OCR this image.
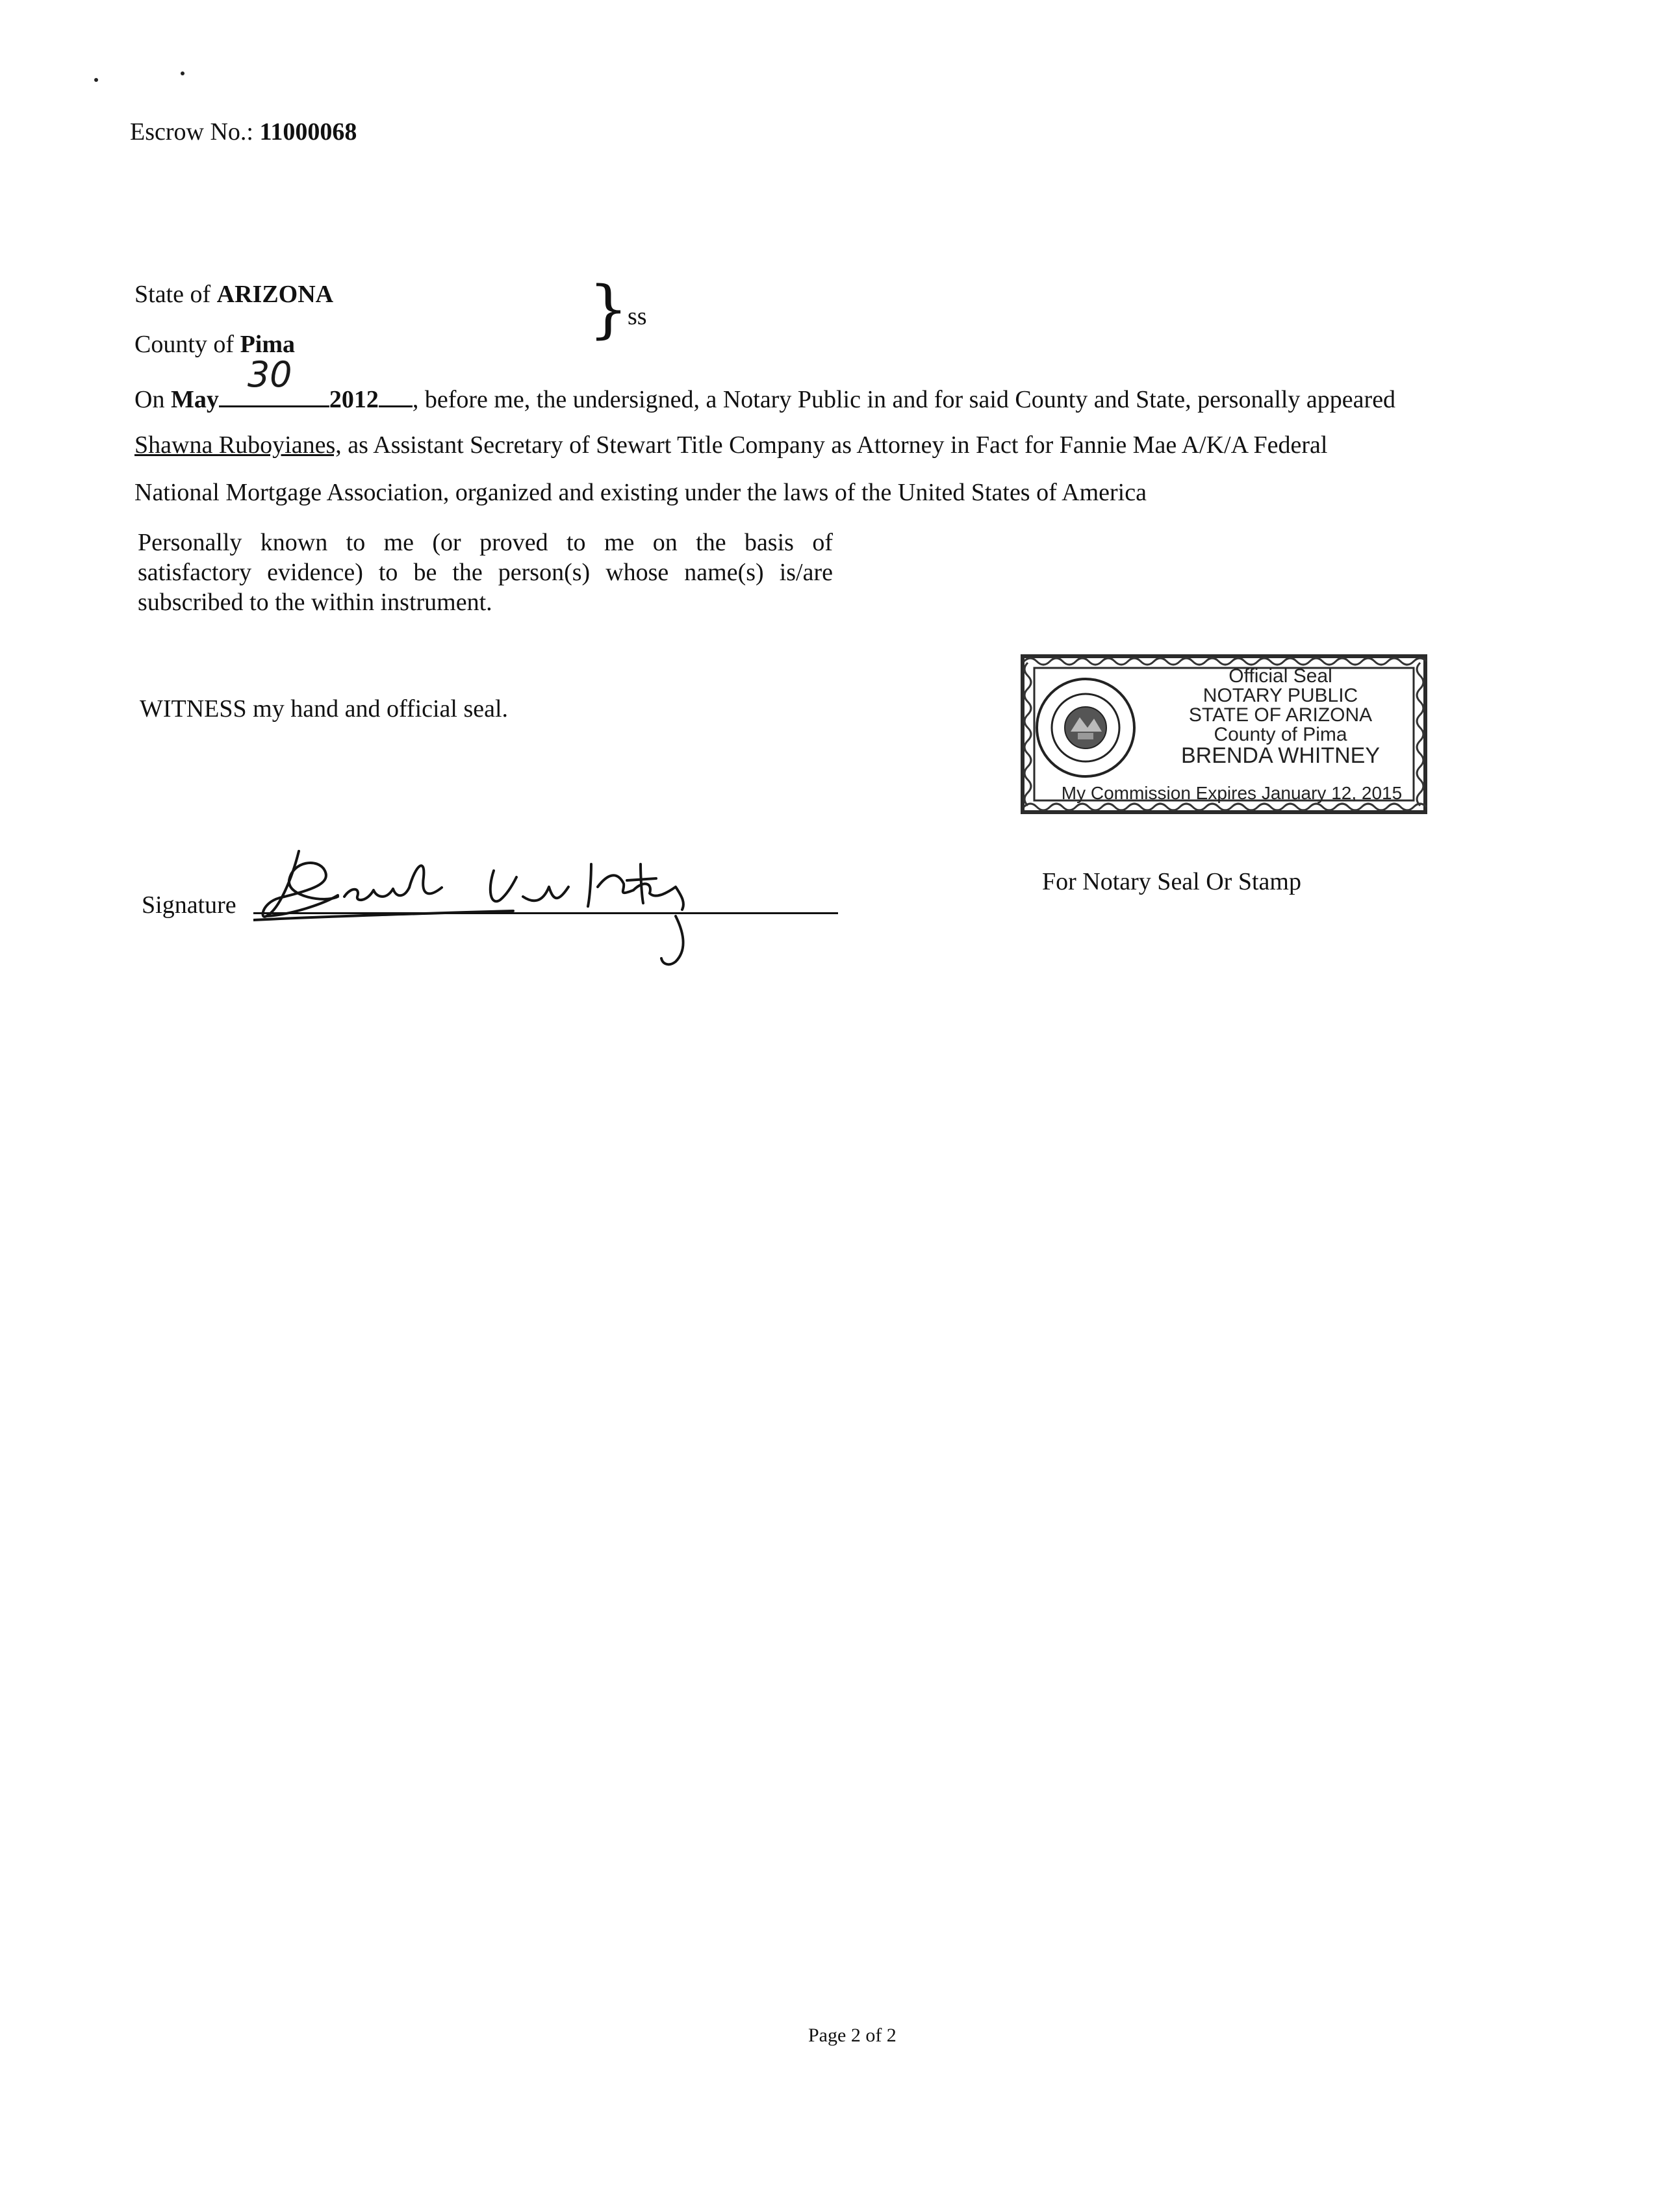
Escrow No.: 11000068
State of ARIZONA
County of Pima	}
ss
On May
30
2012 , before me, the undersigned, a Notary Public in and for said County and State, personally appeared
Shawna Ruboyianes, as Assistant Secretary of Stewart Title Company as Attorney in Fact for Fannie Mae A/K/A Federal
National Mortgage Association, organized and existing under the laws of the United States of America
Personally known to me (or proved to me on the basis of
satisfactory evidence) to be the person(s) whose name(s) is/are
subscribed to the within instrument.
WITNESS my hand and official seal.
Signature
Official Seal
NOTARY PUBLIC
STATE OF ARIZONA
County of Pima
BRENDA WHITNEY
My Commission Expires January 12, 2015
For Notary Seal Or Stamp
Page 2 of 2
